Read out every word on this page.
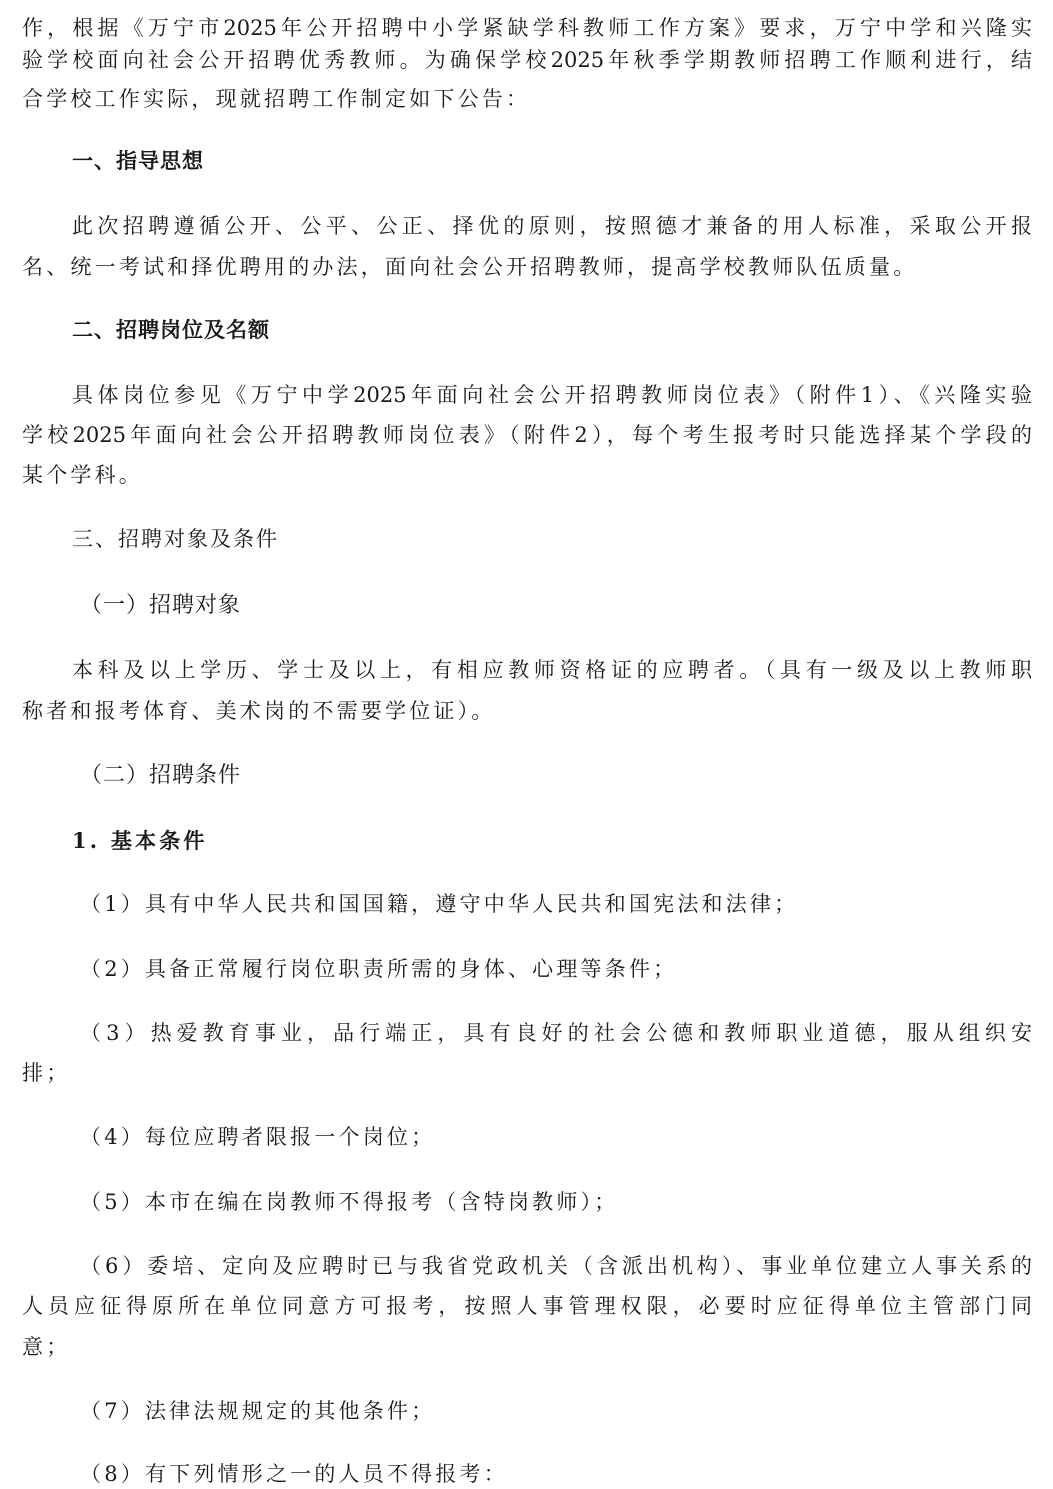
作，根据《万宁市2025年公开招聘中小学紧缺学科教师工作方案》要求，万宁中学和兴隆实
验学校面向社会公开招聘优秀教师。为确保学校2025年秋季学期教师招聘工作顺利进行，结
合学校工作实际，现就招聘工作制定如下公告：
一、指导思想
此次招聘遵循公开、公平、公正、择优的原则，按照德才兼备的用人标准，采取公开报
名、统一考试和择优聘用的办法，面向社会公开招聘教师，提高学校教师队伍质量。
二、招聘岗位及名额
具体岗位参见《万宁中学2025年面向社会公开招聘教师岗位表》（附件1）、《兴隆实验
学校2025年面向社会公开招聘教师岗位表》（附件2），每个考生报考时只能选择某个学段的
某个学科。
三、招聘对象及条件
（一）招聘对象
本科及以上学历、学士及以上，有相应教师资格证的应聘者。（具有一级及以上教师职
称者和报考体育、美术岗的不需要学位证）。
（二）招聘条件
1. 基本条件
（1）具有中华人民共和国国籍，遵守中华人民共和国宪法和法律；
（2）具备正常履行岗位职责所需的身体、心理等条件；
（3）热爱教育事业，品行端正，具有良好的社会公德和教师职业道德，服从组织安
排；
（4）每位应聘者限报一个岗位；
（5）本市在编在岗教师不得报考（含特岗教师）；
（6）委培、定向及应聘时已与我省党政机关（含派出机构）、事业单位建立人事关系的
人员应征得原所在单位同意方可报考，按照人事管理权限，必要时应征得单位主管部门同
意；
（7）法律法规规定的其他条件；
（8）有下列情形之一的人员不得报考：
